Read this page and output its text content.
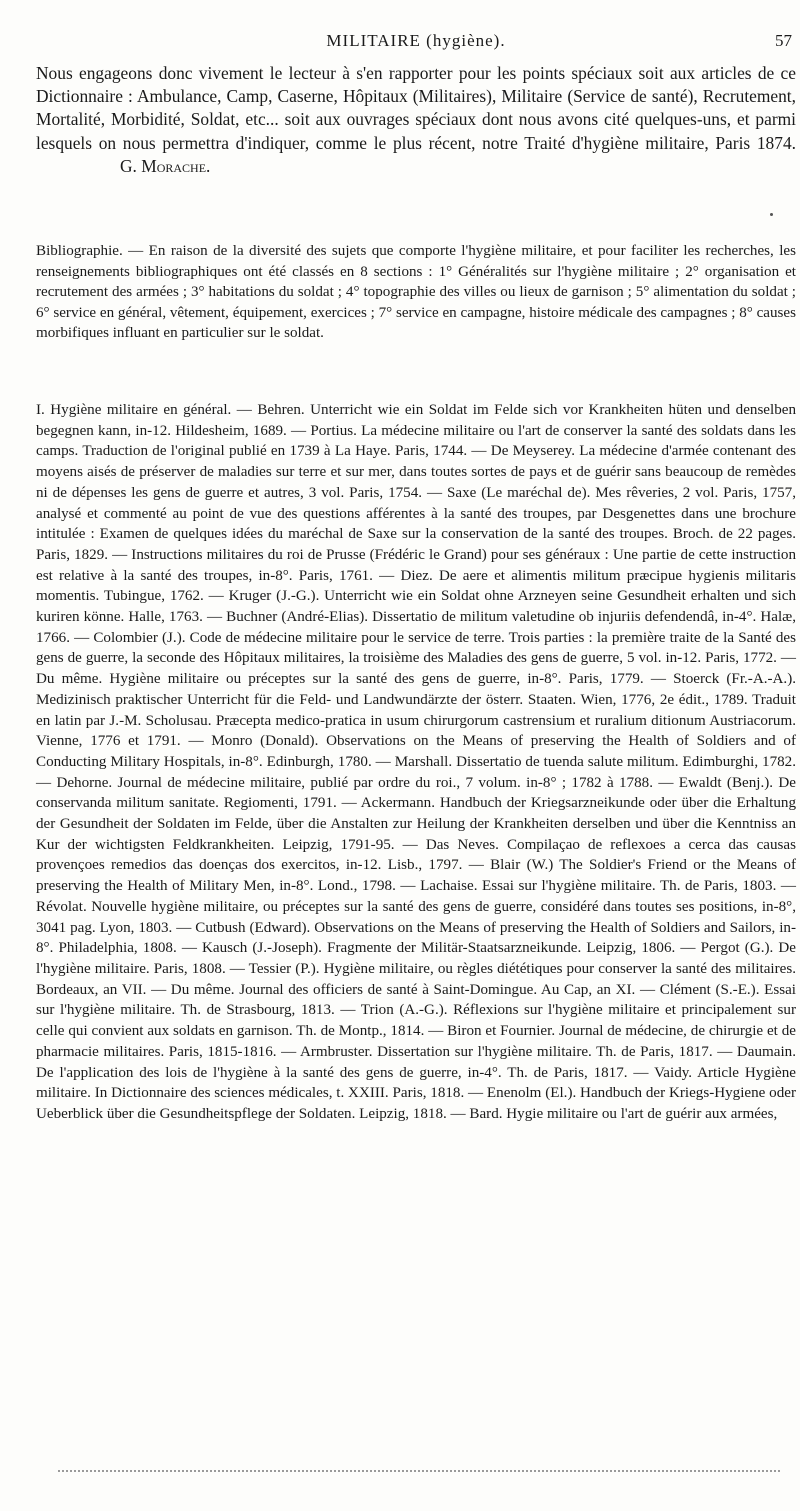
MILITAIRE (hygiène).	57

Nous engageons donc vivement le lecteur à s'en rapporter pour les points spéciaux soit aux articles de ce Dictionnaire : Ambulance, Camp, Caserne, Hôpitaux (Militaires), Militaire (Service de santé), Recrutement, Mortalité, Morbidité, Soldat, etc... soit aux ouvrages spéciaux dont nous avons cité quelques-uns, et parmi lesquels on nous permettra d'indiquer, comme le plus récent, notre Traité d'hygiène militaire, Paris 1874.G. Morache.

Bibliographie. — En raison de la diversité des sujets que comporte l'hygiène militaire, et pour faciliter les recherches, les renseignements bibliographiques ont été classés en 8 sections : 1° Généralités sur l'hygiène militaire ; 2° organisation et recrutement des armées ; 3° habitations du soldat ; 4° topographie des villes ou lieux de garnison ; 5° alimentation du soldat ; 6° service en général, vêtement, équipement, exercices ; 7° service en campagne, histoire médicale des campagnes ; 8° causes morbifiques influant en particulier sur le soldat.

I. Hygiène militaire en général. — Behren. Unterricht wie ein Soldat im Felde sich vor Krankheiten hüten und denselben begegnen kann, in-12. Hildesheim, 1689. — Portius. La médecine militaire ou l'art de conserver la santé des soldats dans les camps. Traduction de l'original publié en 1739 à La Haye. Paris, 1744. — De Meyserey. La médecine d'armée contenant des moyens aisés de préserver de maladies sur terre et sur mer, dans toutes sortes de pays et de guérir sans beaucoup de remèdes ni de dépenses les gens de guerre et autres, 3 vol. Paris, 1754. — Saxe (Le maréchal de). Mes rêveries, 2 vol. Paris, 1757, analysé et commenté au point de vue des questions afférentes à la santé des troupes, par Desgenettes dans une brochure intitulée : Examen de quelques idées du maréchal de Saxe sur la conservation de la santé des troupes. Broch. de 22 pages. Paris, 1829. — Instructions militaires du roi de Prusse (Frédéric le Grand) pour ses généraux : Une partie de cette instruction est relative à la santé des troupes, in-8°. Paris, 1761. — Diez. De aere et alimentis militum præcipue hygienis militaris momentis. Tubingue, 1762. — Kruger (J.-G.). Unterricht wie ein Soldat ohne Arzneyen seine Gesundheit erhalten und sich kuriren könne. Halle, 1763. — Buchner (André-Elias). Dissertatio de militum valetudine ob injuriis defendendâ, in-4°. Halæ, 1766. — Colombier (J.). Code de médecine militaire pour le service de terre. Trois parties : la première traite de la Santé des gens de guerre, la seconde des Hôpitaux militaires, la troisième des Maladies des gens de guerre, 5 vol. in-12. Paris, 1772. — Du même. Hygiène militaire ou préceptes sur la santé des gens de guerre, in-8°. Paris, 1779. — Stoerck (Fr.-A.-A.). Medizinisch praktischer Unterricht für die Feld- und Landwundärzte der österr. Staaten. Wien, 1776, 2e édit., 1789. Traduit en latin par J.-M. Scholusau. Præcepta medico-pratica in usum chirurgorum castrensium et ruralium ditionum Austriacorum. Vienne, 1776 et 1791. — Monro (Donald). Observations on the Means of preserving the Health of Soldiers and of Conducting Military Hospitals, in-8°. Edinburgh, 1780. — Marshall. Dissertatio de tuenda salute militum. Edimburghi, 1782. — Dehorne. Journal de médecine militaire, publié par ordre du roi., 7 volum. in-8° ; 1782 à 1788. — Ewaldt (Benj.). De conservanda militum sanitate. Regiomenti, 1791. — Ackermann. Handbuch der Kriegsarzneikunde oder über die Erhaltung der Gesundheit der Soldaten im Felde, über die Anstalten zur Heilung der Krankheiten derselben und über die Kenntniss an Kur der wichtigsten Feldkrankheiten. Leipzig, 1791-95. — Das Neves. Compilaçao de reflexoes a cerca das causas provençoes remedios das doenças dos exercitos, in-12. Lisb., 1797. — Blair (W.) The Soldier's Friend or the Means of preserving the Health of Military Men, in-8°. Lond., 1798. — Lachaise. Essai sur l'hygiène militaire. Th. de Paris, 1803. — Révolat. Nouvelle hygiène militaire, ou préceptes sur la santé des gens de guerre, considéré dans toutes ses positions, in-8°, 3041 pag. Lyon, 1803. — Cutbush (Edward). Observations on the Means of preserving the Health of Soldiers and Sailors, in-8°. Philadelphia, 1808. — Kausch (J.-Joseph). Fragmente der Militär-Staatsarzneikunde. Leipzig, 1806. — Pergot (G.). De l'hygiène militaire. Paris, 1808. — Tessier (P.). Hygiène militaire, ou règles diététiques pour conserver la santé des militaires. Bordeaux, an VII. — Du même. Journal des officiers de santé à Saint-Domingue. Au Cap, an XI. — Clément (S.-E.). Essai sur l'hygiène militaire. Th. de Strasbourg, 1813. — Trion (A.-G.). Réflexions sur l'hygiène militaire et principalement sur celle qui convient aux soldats en garnison. Th. de Montp., 1814. — Biron et Fournier. Journal de médecine, de chirurgie et de pharmacie militaires. Paris, 1815-1816. — Armbruster. Dissertation sur l'hygiène militaire. Th. de Paris, 1817. — Daumain. De l'application des lois de l'hygiène à la santé des gens de guerre, in-4°. Th. de Paris, 1817. — Vaidy. Article Hygiène militaire. In Dictionnaire des sciences médicales, t. XXIII. Paris, 1818. — Enenolm (El.). Handbuch der Kriegs-Hygiene oder Ueberblick über die Gesundheitspflege der Soldaten. Leipzig, 1818. — Bard. Hygie militaire ou l'art de guérir aux armées,
